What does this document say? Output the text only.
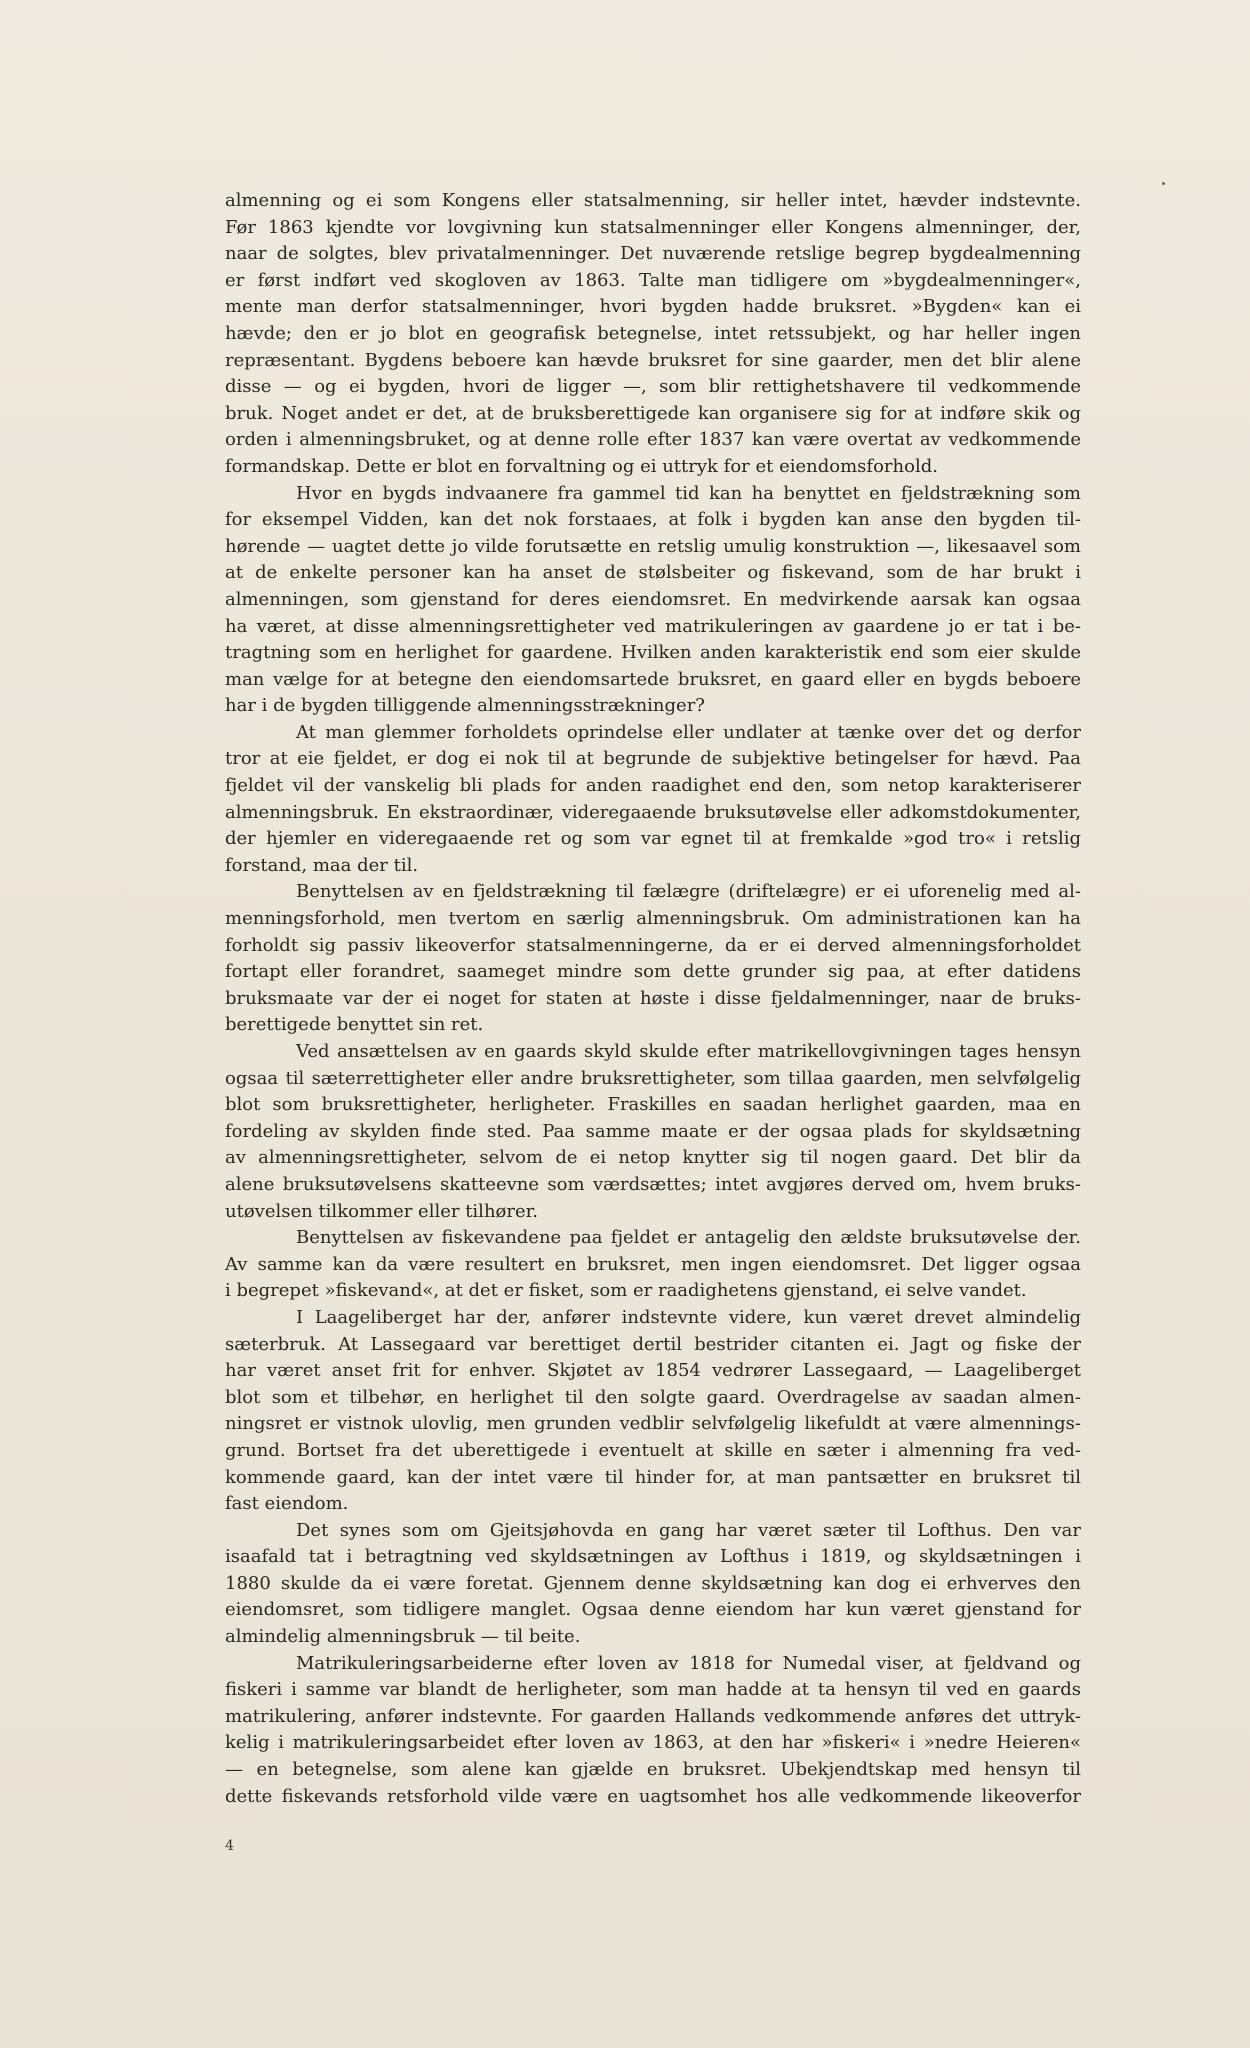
almenning og ei som Kongens eller statsalmenning, sir heller intet, hævder indstevnte.
Før 1863 kjendte vor lovgivning kun statsalmenninger eller Kongens almenninger, der,
naar de solgtes, blev privatalmenninger. Det nuværende retslige begrep bygdealmenning
er først indført ved skogloven av 1863. Talte man tidligere om »bygdealmenninger«,
mente man derfor statsalmenninger, hvori bygden hadde bruksret. »Bygden« kan ei
hævde; den er jo blot en geografisk betegnelse, intet retssubjekt, og har heller ingen
repræsentant. Bygdens beboere kan hævde bruksret for sine gaarder, men det blir alene
disse — og ei bygden, hvori de ligger —, som blir rettighetshavere til vedkommende
bruk. Noget andet er det, at de bruksberettigede kan organisere sig for at indføre skik og
orden i almenningsbruket, og at denne rolle efter 1837 kan være overtat av vedkommende
formandskap. Dette er blot en forvaltning og ei uttryk for et eiendomsforhold.
Hvor en bygds indvaanere fra gammel tid kan ha benyttet en fjeldstrækning som
for eksempel Vidden, kan det nok forstaaes, at folk i bygden kan anse den bygden til-
hørende — uagtet dette jo vilde forutsætte en retslig umulig konstruktion —, likesaavel som
at de enkelte personer kan ha anset de stølsbeiter og fiskevand, som de har brukt i
almenningen, som gjenstand for deres eiendomsret. En medvirkende aarsak kan ogsaa
ha været, at disse almenningsrettigheter ved matrikuleringen av gaardene jo er tat i be-
tragtning som en herlighet for gaardene. Hvilken anden karakteristik end som eier skulde
man vælge for at betegne den eiendomsartede bruksret, en gaard eller en bygds beboere
har i de bygden tilliggende almenningsstrækninger?
At man glemmer forholdets oprindelse eller undlater at tænke over det og derfor
tror at eie fjeldet, er dog ei nok til at begrunde de subjektive betingelser for hævd. Paa
fjeldet vil der vanskelig bli plads for anden raadighet end den, som netop karakteriserer
almenningsbruk. En ekstraordinær, videregaaende bruksutøvelse eller adkomstdokumenter,
der hjemler en videregaaende ret og som var egnet til at fremkalde »god tro« i retslig
forstand, maa der til.
Benyttelsen av en fjeldstrækning til fælægre (driftelægre) er ei uforenelig med al-
menningsforhold, men tvertom en særlig almenningsbruk. Om administrationen kan ha
forholdt sig passiv likeoverfor statsalmenningerne, da er ei derved almenningsforholdet
fortapt eller forandret, saameget mindre som dette grunder sig paa, at efter datidens
bruksmaate var der ei noget for staten at høste i disse fjeldalmenninger, naar de bruks-
berettigede benyttet sin ret.
Ved ansættelsen av en gaards skyld skulde efter matrikellovgivningen tages hensyn
ogsaa til sæterrettigheter eller andre bruksrettigheter, som tillaa gaarden, men selvfølgelig
blot som bruksrettigheter, herligheter. Fraskilles en saadan herlighet gaarden, maa en
fordeling av skylden finde sted. Paa samme maate er der ogsaa plads for skyldsætning
av almenningsrettigheter, selvom de ei netop knytter sig til nogen gaard. Det blir da
alene bruksutøvelsens skatteevne som værdsættes; intet avgjøres derved om, hvem bruks-
utøvelsen tilkommer eller tilhører.
Benyttelsen av fiskevandene paa fjeldet er antagelig den ældste bruksutøvelse der.
Av samme kan da være resultert en bruksret, men ingen eiendomsret. Det ligger ogsaa
i begrepet »fiskevand«, at det er fisket, som er raadighetens gjenstand, ei selve vandet.
I Laageliberget har der, anfører indstevnte videre, kun været drevet almindelig
sæterbruk. At Lassegaard var berettiget dertil bestrider citanten ei. Jagt og fiske der
har været anset frit for enhver. Skjøtet av 1854 vedrører Lassegaard, — Laageliberget
blot som et tilbehør, en herlighet til den solgte gaard. Overdragelse av saadan almen-
ningsret er vistnok ulovlig, men grunden vedblir selvfølgelig likefuldt at være almennings-
grund. Bortset fra det uberettigede i eventuelt at skille en sæter i almenning fra ved-
kommende gaard, kan der intet være til hinder for, at man pantsætter en bruksret til
fast eiendom.
Det synes som om Gjeitsjøhovda en gang har været sæter til Lofthus. Den var
isaafald tat i betragtning ved skyldsætningen av Lofthus i 1819, og skyldsætningen i
1880 skulde da ei være foretat. Gjennem denne skyldsætning kan dog ei erhverves den
eiendomsret, som tidligere manglet. Ogsaa denne eiendom har kun været gjenstand for
almindelig almenningsbruk — til beite.
Matrikuleringsarbeiderne efter loven av 1818 for Numedal viser, at fjeldvand og
fiskeri i samme var blandt de herligheter, som man hadde at ta hensyn til ved en gaards
matrikulering, anfører indstevnte. For gaarden Hallands vedkommende anføres det uttryk-
kelig i matrikuleringsarbeidet efter loven av 1863, at den har »fiskeri« i »nedre Heieren«
— en betegnelse, som alene kan gjælde en bruksret. Ubekjendtskap med hensyn til
dette fiskevands retsforhold vilde være en uagtsomhet hos alle vedkommende likeoverfor
4
